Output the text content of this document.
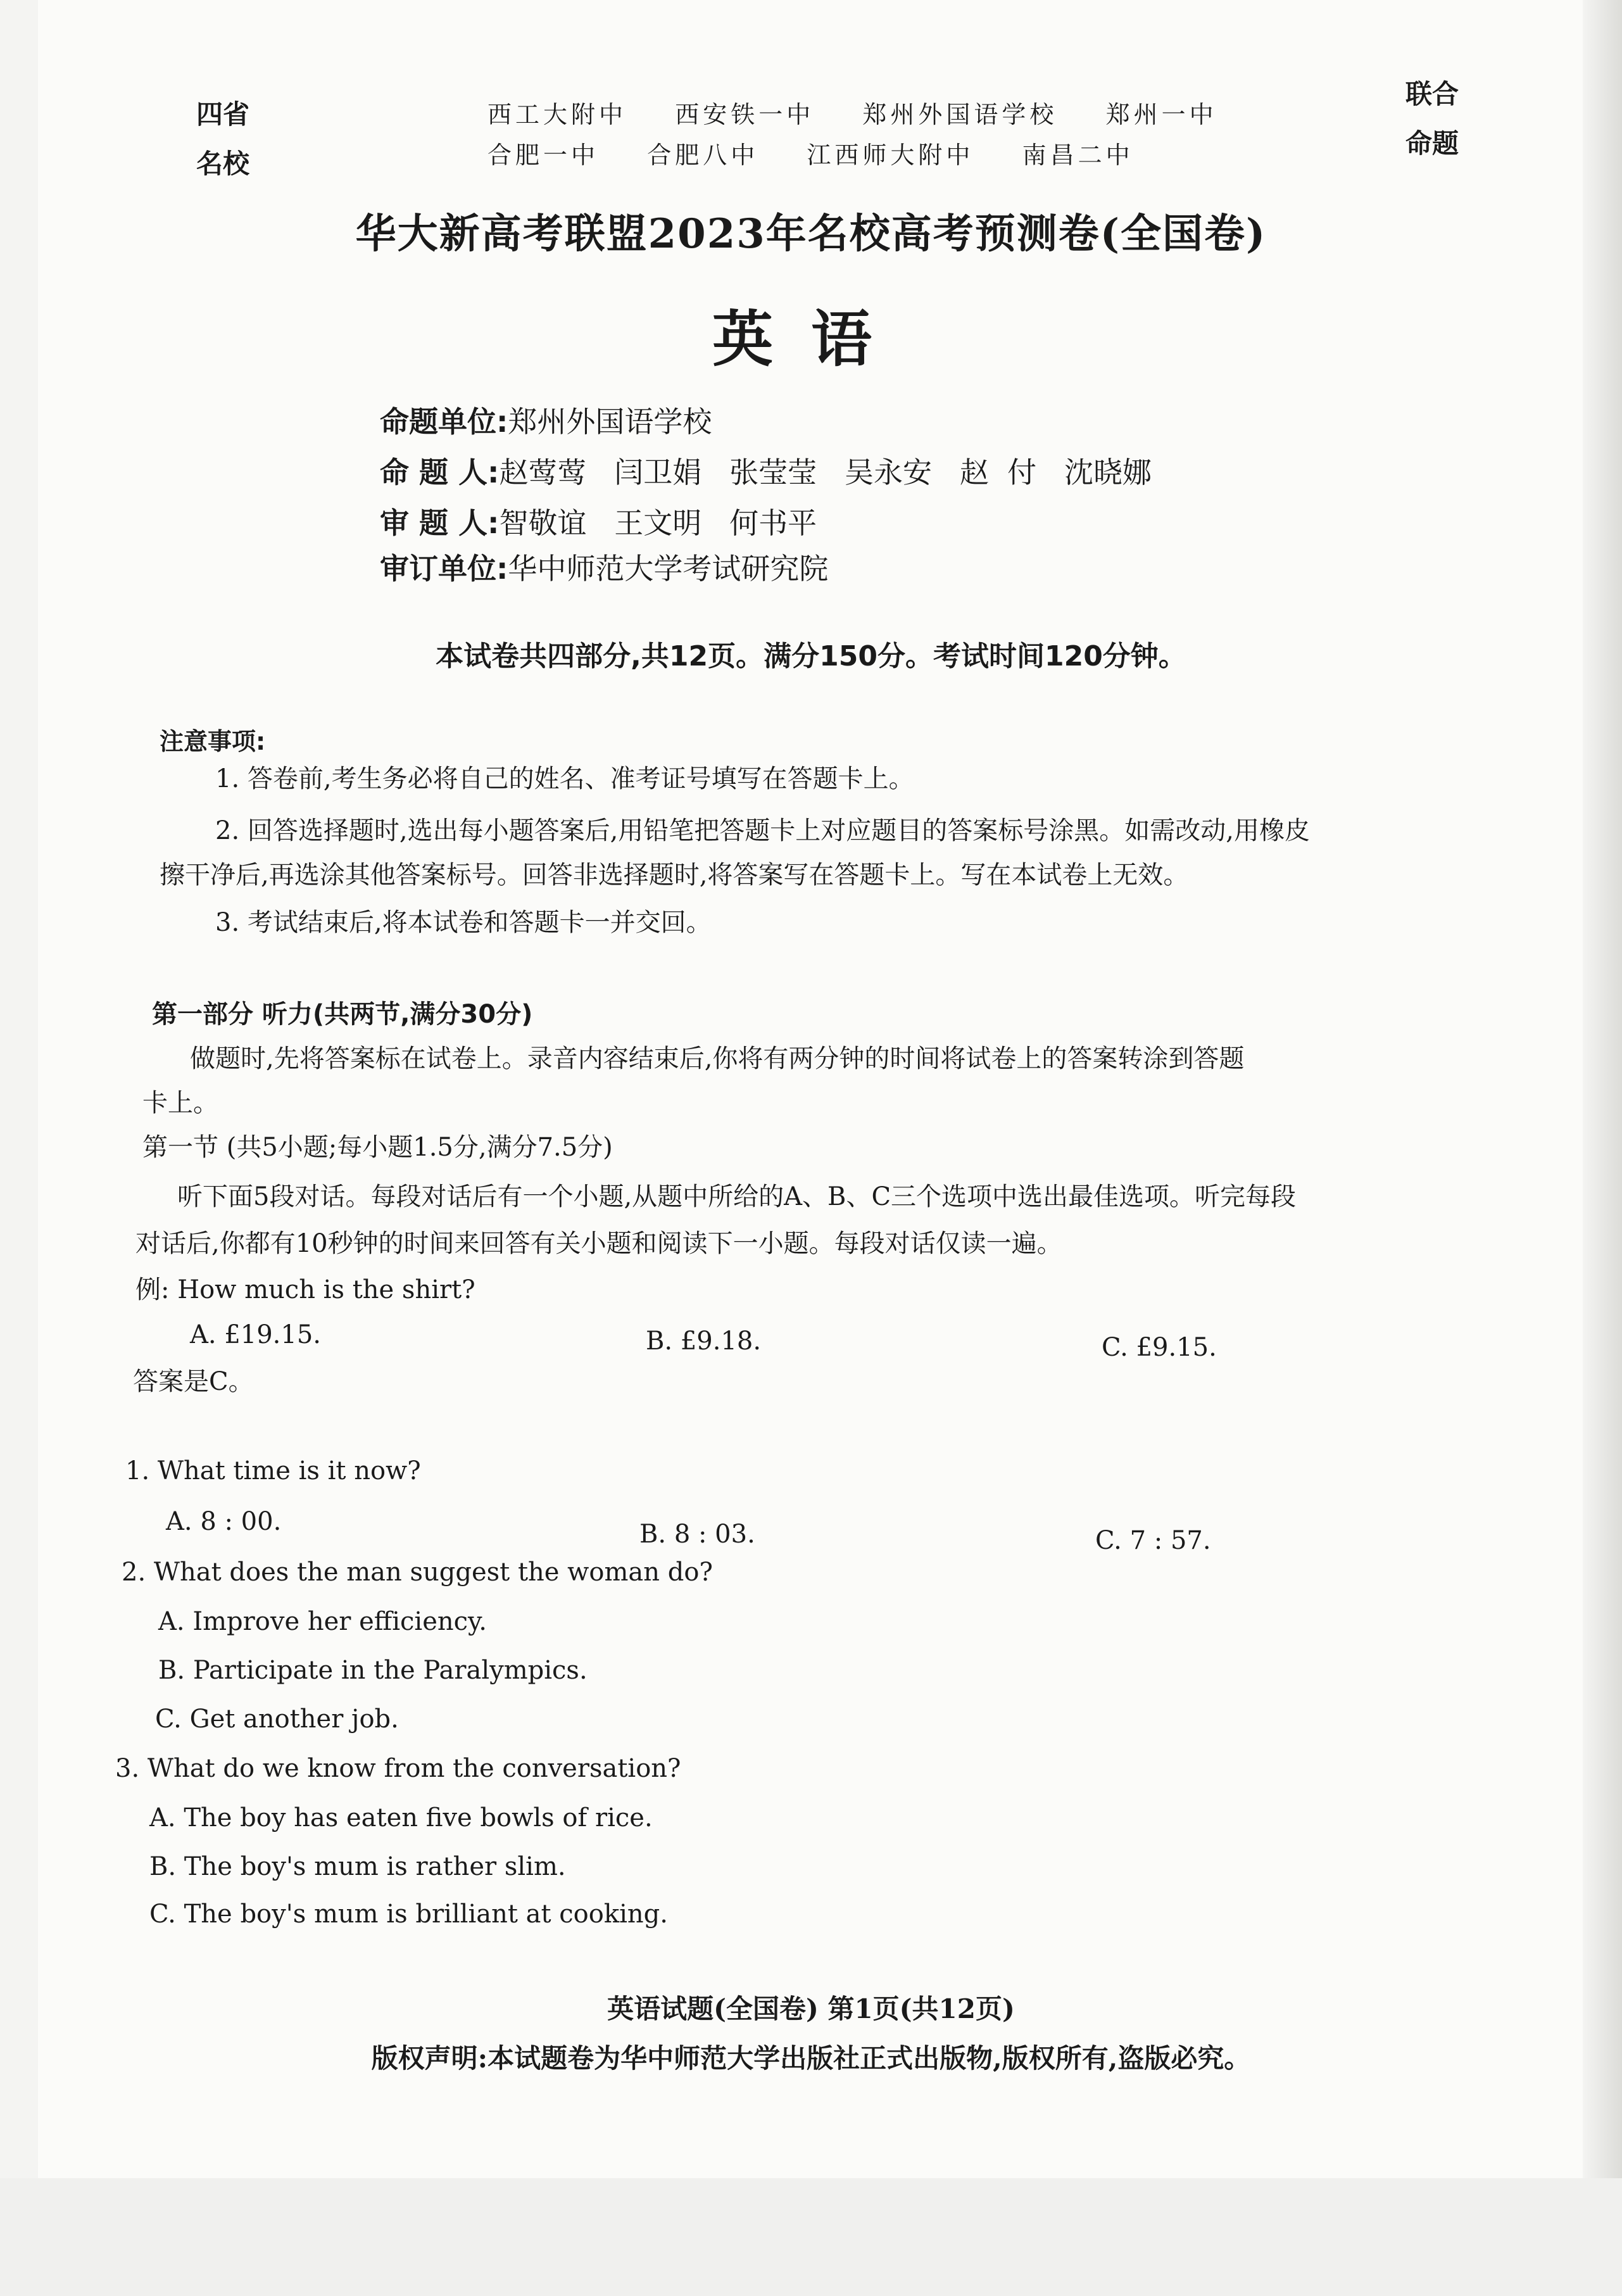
四省
名校
西工大附中 西安铁一中 郑州外国语学校 郑州一中
合肥一中 合肥八中 江西师大附中 南昌二中
联合
命题
华大新高考联盟2023年名校高考预测卷(全国卷)
英语
命题单位:郑州外国语学校
命 题 人:赵莺莺   闫卫娟   张莹莹   吴永安   赵  付   沈晓娜
审 题 人:智敬谊   王文明   何书平
审订单位:华中师范大学考试研究院
本试卷共四部分,共12页。满分150分。考试时间120分钟。
注意事项:
1. 答卷前,考生务必将自己的姓名、准考证号填写在答题卡上。
2. 回答选择题时,选出每小题答案后,用铅笔把答题卡上对应题目的答案标号涂黑。如需改动,用橡皮
擦干净后,再选涂其他答案标号。回答非选择题时,将答案写在答题卡上。写在本试卷上无效。
3. 考试结束后,将本试卷和答题卡一并交回。
第一部分 听力(共两节,满分30分)
做题时,先将答案标在试卷上。录音内容结束后,你将有两分钟的时间将试卷上的答案转涂到答题
卡上。
第一节 (共5小题;每小题1.5分,满分7.5分)
听下面5段对话。每段对话后有一个小题,从题中所给的A、B、C三个选项中选出最佳选项。听完每段
对话后,你都有10秒钟的时间来回答有关小题和阅读下一小题。每段对话仅读一遍。
例: How much is the shirt?
A. £19.15.	B. £9.18.	C. £9.15.
答案是C。
1. What time is it now?
A. 8 : 00.	B. 8 : 03.	C. 7 : 57.
2. What does the man suggest the woman do?
A. Improve her efficiency.
B. Participate in the Paralympics.
C. Get another job.
3. What do we know from the conversation?
A. The boy has eaten five bowls of rice.
B. The boy's mum is rather slim.
C. The boy's mum is brilliant at cooking.
英语试题(全国卷) 第1页(共12页)
版权声明:本试题卷为华中师范大学出版社正式出版物,版权所有,盗版必究。
